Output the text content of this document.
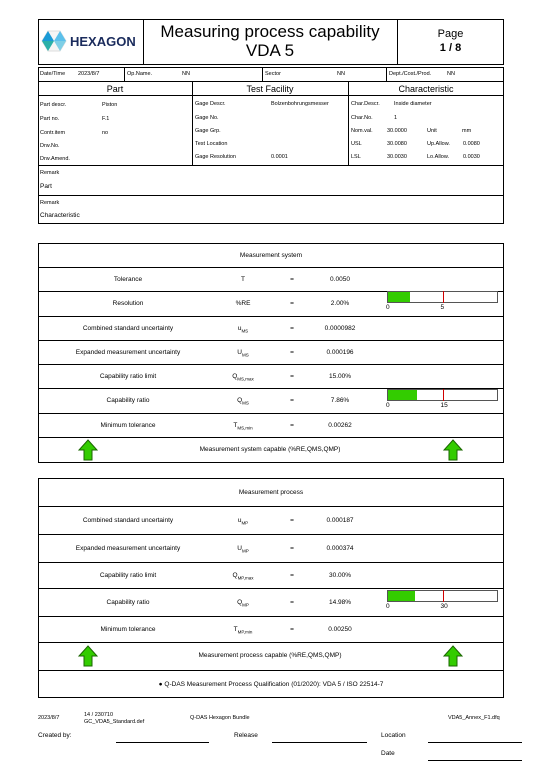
HEXAGON
Measuring process capability
VDA 5
Page
1 / 8
Date/Time 2023/8/7	Op.Name.	NN	Sector	NN	Dept./Cost./Prod.	NN
Part	Test Facility	Characteristic
Part descr.	Piston
Part no.	F.1
Contr.item	no
Drw.No.
Drw.Amend.
Gage Descr.	Bolzenbohrungsmesser
Gage No.
Gage Grp.
Test Location
Gage Resolution	0.0001
Char.Descr.	Inside diameter
Char.No.	1
Nom.val.	30.0000	Unit	mm
USL	30.0080	Up.Allow. 0.0080
LSL	30.0030	Lo.Allow.	0.0030
Remark
Part
Remark
Characteristic
Measurement system
Tolerance	T	=	0.0050
Resolution	%RE	=	2.00%
0	5
Combined standard uncertainty	$u_{MS}$	=	0.0000982
Expanded measurement uncertainty	$U_{MS}$	=	0.000196
Capability ratio limit	$Q_{MS,max}$	=	15.00%
Capability ratio	$Q_{MS}$	=	7.86%
0	15
Minimum tolerance	$T_{MS,min}$	=	0.00262
Measurement system capable (%RE,QMS,QMP)
Measurement process
Combined standard uncertainty	$u_{MP}$	=	0.000187
Expanded measurement uncertainty	$U_{MP}$	=	0.000374
Capability ratio limit	$Q_{MP,max}$	=	30.00%
Capability ratio	$Q_{MP}$	=	14.98%
0	30
Minimum tolerance	$T_{MP,min}$	=	0.00250
Measurement process capable (%RE,QMS,QMP)
● Q-DAS Measurement Process Qualification (01/2020): VDA 5 / ISO 22514-7
2023/8/7	14 / 230710
GC_VDA5_Standard.def
Q-DAS Hexagon Bundle	VDA5_Annex_F1.dfq
Created by:	Release	Location
Date
